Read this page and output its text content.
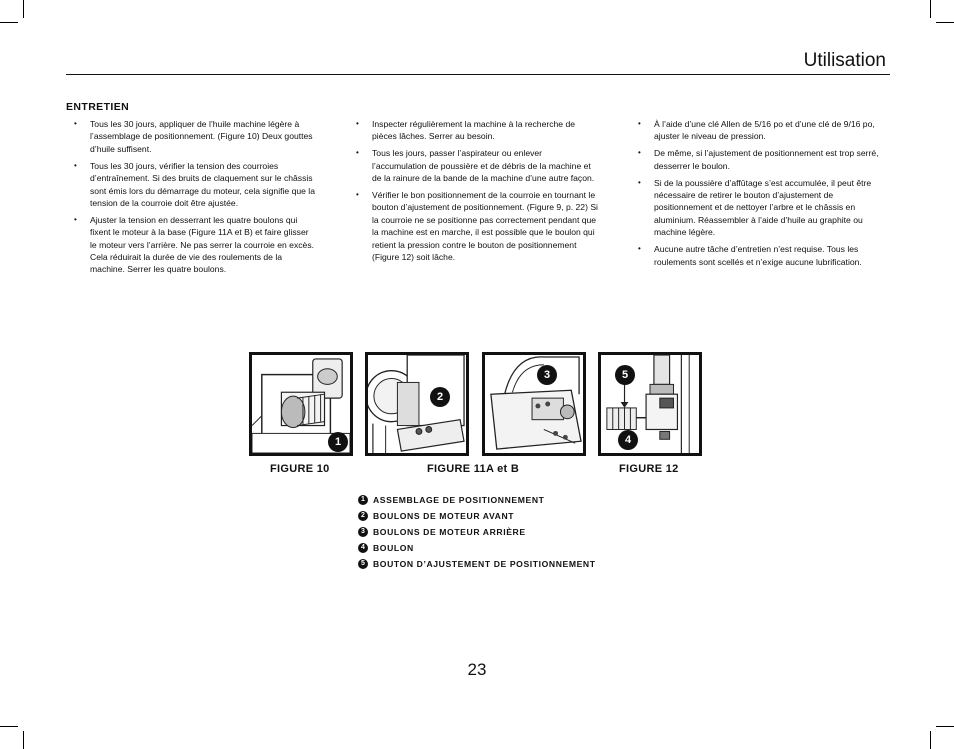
Utilisation
ENTRETIEN
• Tous les 30 jours, appliquer de l’huile machine légère à l’assemblage de positionnement. (Figure 10) Deux gouttes d’huile suffisent.
• Tous les 30 jours, vérifier la tension des courroies d’entraînement. Si des bruits de claquement sur le châssis sont émis lors du démarrage du moteur, cela signifie que la tension de la courroie doit être ajustée.
• Ajuster la tension en desserrant les quatre boulons qui fixent le moteur à la base (Figure 11A et B) et faire glisser le moteur vers l’arrière. Ne pas serrer la courroie en excès. Cela réduirait la durée de vie des roulements de la machine. Serrer les quatre boulons.
• Inspecter régulièrement la machine à la recherche de pièces lâches. Serrer au besoin.
• Tous les jours, passer l’aspirateur ou enlever l’accumulation de poussière et de débris de la machine et de la rainure de la bande de la machine d’une autre façon.
• Vérifier le bon positionnement de la courroie en tournant le bouton d’ajustement de positionnement. (Figure 9, p. 22) Si la courroie ne se positionne pas correctement pendant que la machine est en marche, il est possible que le boulon qui retient la pression contre le bouton de positionnement (Figure 12) soit lâche.
• À l’aide d’une clé Allen de 5/16 po et d’une clé de 9/16 po, ajuster le niveau de pression.
• De même, si l’ajustement de positionnement est trop serré, desserrer le boulon.
• Si de la poussière d’affûtage s’est accumulée, il peut être nécessaire de retirer le bouton d’ajustement de positionnement et de nettoyer l’arbre et le châssis en aluminium. Réassembler à l’aide d’huile au graphite ou machine légère.
• Aucune autre tâche d’entretien n’est requise. Tous les roulements sont scellés et n’exige aucune lubrification.
1
2
3	5
4
FIGURE 10	FIGURE 11A et B	FIGURE 12
1 ASSEMBLAGE DE POSITIONNEMENT
2 BOULONS DE MOTEUR AVANT
3 BOULONS DE MOTEUR ARRIÈRE
4 BOULON
5 BOUTON D’AJUSTEMENT DE POSITIONNEMENT
23
